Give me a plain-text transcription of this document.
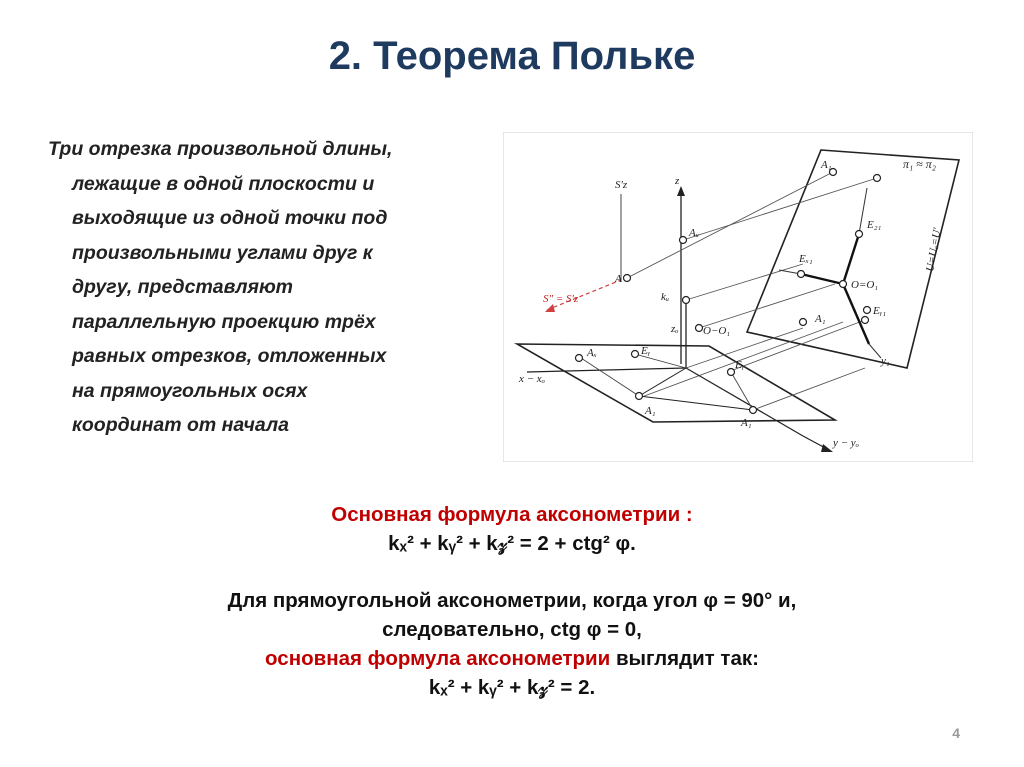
2. Теорема Польке
Три отрезка произвольной длины,
лежащие в одной плоскости и
выходящие из одной точки под
произвольными углами друг к
другу, представляют
параллельную проекцию трёх
равных отрезков, отложенных
на прямоугольных осях
координат от начала
A₁	π₁ ≈ π₂
E₂₁
S′z	z
Aᵤ
A
Eₓ₁
O=O₁
A₁
Eᵧ₁
S″ = S′z	kᵤ
zₒ O−O₁
Aₓ	Eᵧ
x − xₒ
Eᵧ
A₁
A₁
y − yₒ
y₁
U=Uₒ=U′
Основная формула аксонометрии :
kₓ² + kᵧ² + k𝓏² = 2 + ctg² φ.
Для прямоугольной аксонометрии, когда угол φ = 90° и,
следовательно, ctg φ = 0,
основная формула аксонометрии выглядит так:
kₓ² + kᵧ² + k𝓏² = 2.
4
